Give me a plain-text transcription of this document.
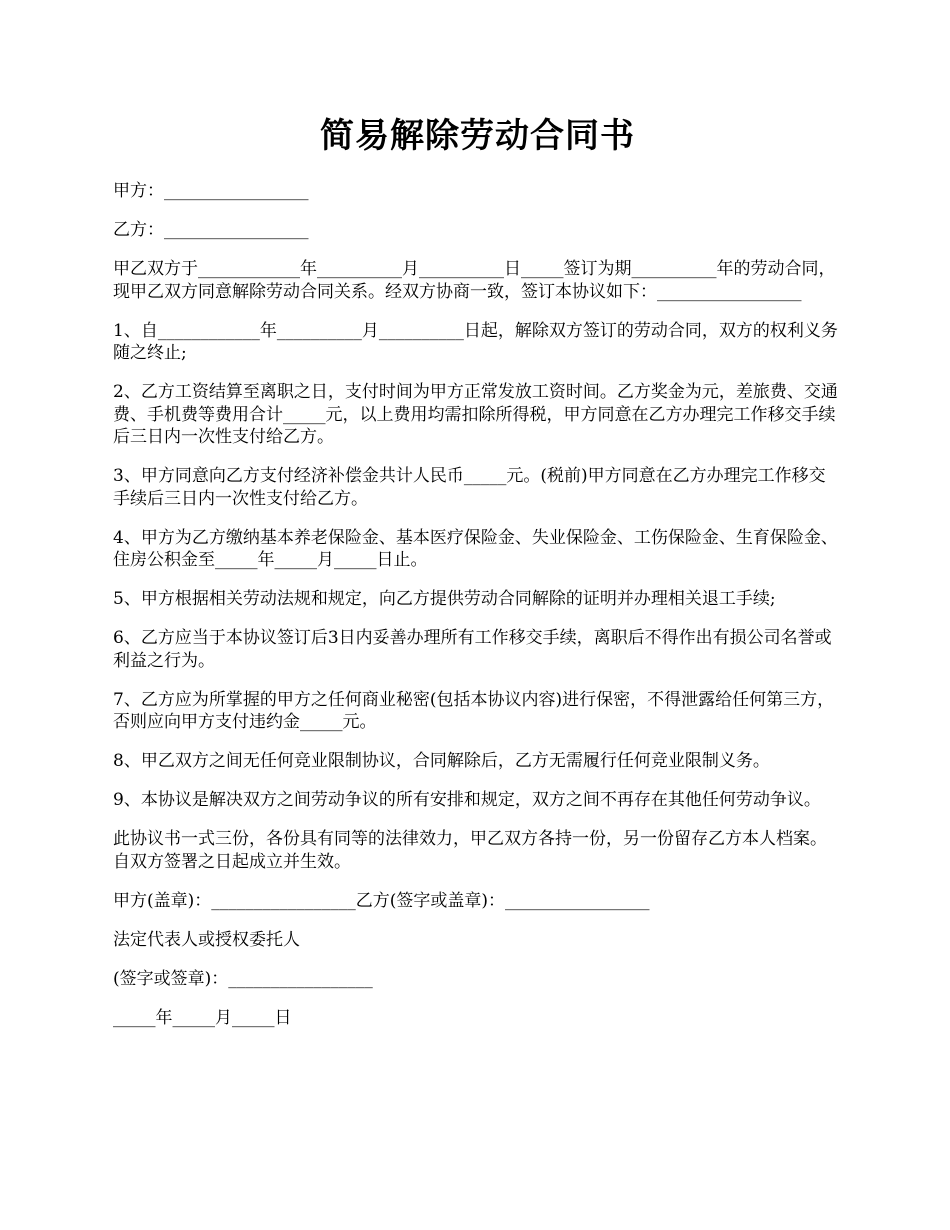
简易解除劳动合同书

甲方：_________________

乙方：_________________

甲乙双方于____________年__________月__________日_____签订为期__________年的劳动合同，现甲乙双方同意解除劳动合同关系。经双方协商一致，签订本协议如下：_________________

1、自____________年__________月__________日起，解除双方签订的劳动合同，双方的权利义务随之终止;

2、乙方工资结算至离职之日，支付时间为甲方正常发放工资时间。乙方奖金为元，差旅费、交通费、手机费等费用合计_____元，以上费用均需扣除所得税，甲方同意在乙方办理完工作移交手续后三日内一次性支付给乙方。

3、甲方同意向乙方支付经济补偿金共计人民币_____元。(税前)甲方同意在乙方办理完工作移交手续后三日内一次性支付给乙方。

4、甲方为乙方缴纳基本养老保险金、基本医疗保险金、失业保险金、工伤保险金、生育保险金、住房公积金至_____年_____月_____日止。

5、甲方根据相关劳动法规和规定，向乙方提供劳动合同解除的证明并办理相关退工手续;

6、乙方应当于本协议签订后3日内妥善办理所有工作移交手续，离职后不得作出有损公司名誉或利益之行为。

7、乙方应为所掌握的甲方之任何商业秘密(包括本协议内容)进行保密，不得泄露给任何第三方，否则应向甲方支付违约金_____元。

8、甲乙双方之间无任何竞业限制协议，合同解除后，乙方无需履行任何竞业限制义务。

9、本协议是解决双方之间劳动争议的所有安排和规定，双方之间不再存在其他任何劳动争议。

此协议书一式三份，各份具有同等的法律效力，甲乙双方各持一份，另一份留存乙方本人档案。自双方签署之日起成立并生效。

甲方(盖章)：_________________乙方(签字或盖章)：_________________

法定代表人或授权委托人

(签字或签章)：_________________

_____年_____月_____日
